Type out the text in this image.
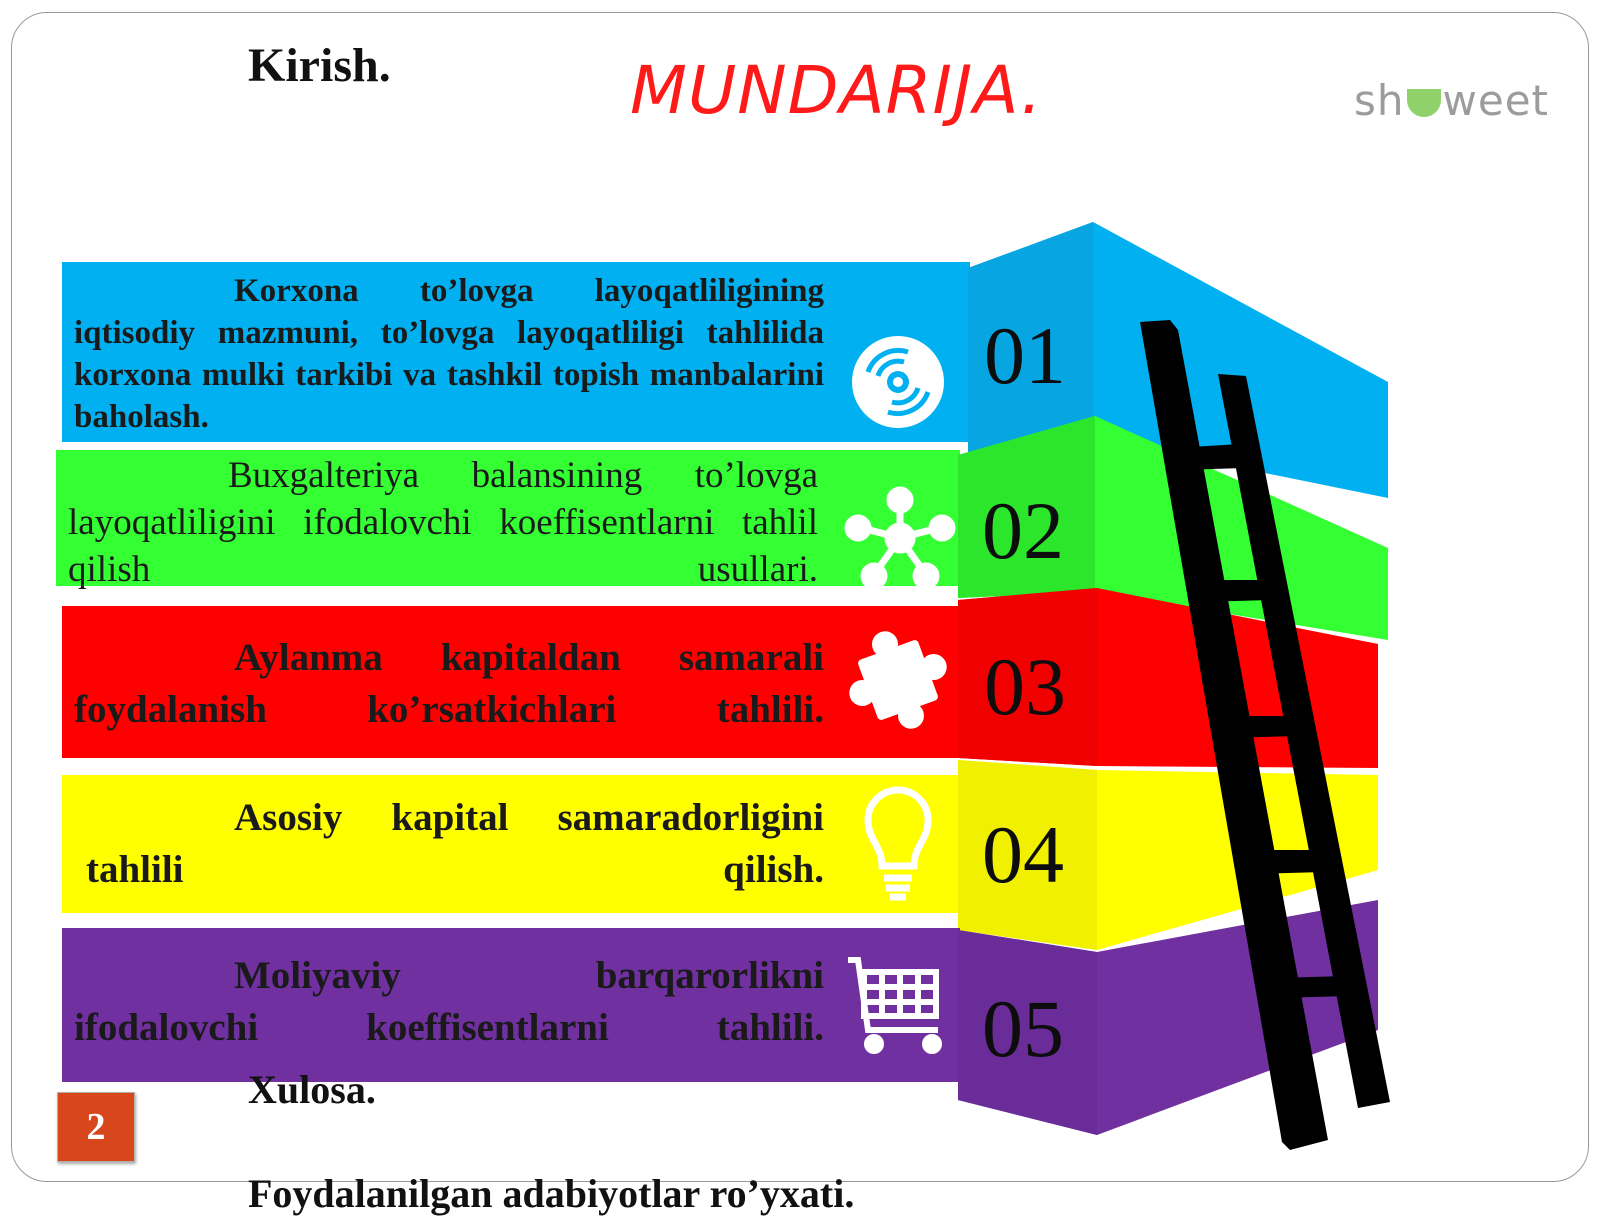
Kirish.	MUNDARIJA.	sh weet
01
02
03
04
05
Korxona to’lovga layoqatliligining iqtisodiy mazmuni, to’lovga layoqatliligi tahlilida korxona mulki tarkibi va tashkil topish manbalarini baholash.
Buxgalteriya balansining to’lovga layoqatliligini ifodalovchi koeffisentlarni tahlil qilish usullari.
Aylanma kapitaldan samarali foydalanish ko’rsatkichlari tahlili.
Asosiy kapital samaradorligini tahlili qilish.
Moliyaviy barqarorlikni ifodalovchi koeffisentlarni tahlili.
Xulosa.
Foydalanilgan adabiyotlar ro’yxati.
2
